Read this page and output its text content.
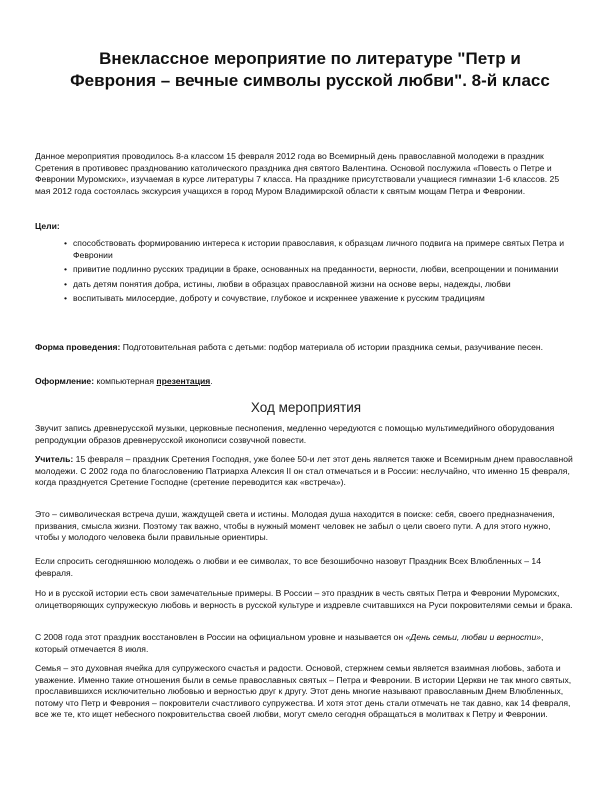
Внеклассное мероприятие по литературе "Петр и Феврония – вечные символы русской любви". 8-й класс

Данное мероприятия проводилось 8-а классом 15 февраля 2012 года во Всемирный день православной молодежи в праздник Сретения в противовес празднованию католического праздника дня святого Валентина. Основой послужила «Повесть о Петре и Февронии Муромских», изучаемая в курсе литературы 7 класса. На празднике присутствовали учащиеся гимназии 1-6 классов. 25 мая 2012 года состоялась экскурсия учащихся в город Муром Владимирской области к святым мощам Петра и Февронии.

Цели:

• способствовать формированию интереса к истории православия, к образцам личного подвига на примере святых Петра и Февронии
• привитие подлинно русских традиции в браке, основанных на преданности, верности, любви, всепрощении и понимании
• дать детям понятия добра, истины, любви в образцах православной жизни на основе веры, надежды, любви
• воспитывать милосердие, доброту и сочувствие, глубокое и искреннее уважение к русским традициям

Форма проведения: Подготовительная работа с детьми: подбор материала об истории праздника семьи, разучивание песен.

Оформление: компьютерная презентация.

Ход мероприятия

Звучит запись древнерусской музыки, церковные песнопения, медленно чередуются с помощью мультимедийного оборудования репродукции образов древнерусской иконописи созвучной повести.

Учитель: 15 февраля – праздник Сретения Господня, уже более 50-и лет этот день является также и Всемирным днем православной молодежи. С 2002 года по благословению Патриарха Алексия II он стал отмечаться и в России: неслучайно, что именно 15 февраля, когда празднуется Сретение Господне (сретение переводится как «встреча»).

Это – символическая встреча души, жаждущей света и истины. Молодая душа находится в поиске: себя, своего предназначения, призвания, смысла жизни. Поэтому так важно, чтобы в нужный момент человек не забыл о цели своего пути. А для этого нужно, чтобы у молодого человека были правильные ориентиры.

Если спросить сегодняшнюю молодежь о любви и ее символах, то все безошибочно назовут Праздник Всех Влюбленных – 14 февраля.

Но и в русской истории есть свои замечательные примеры. В России – это праздник в честь святых Петра и Февронии Муромских, олицетворяющих супружескую любовь и верность в русской культуре и издревле считавшихся на Руси покровителями семьи и брака.

С 2008 года этот праздник восстановлен в России на официальном уровне и называется он «День семьи, любви и верности», который отмечается 8 июля.

Семья – это духовная ячейка для супружеского счастья и радости. Основой, стержнем семьи является взаимная любовь, забота и уважение. Именно такие отношения были в семье православных святых – Петра и Февронии. В истории Церкви не так много святых, прославившихся исключительно любовью и верностью друг к другу. Этот день многие называют православным Днем Влюбленных, потому что Петр и Феврония – покровители счастливого супружества. И хотя этот день стали отмечать не так давно, как 14 февраля, все же те, кто ищет небесного покровительства своей любви, могут смело сегодня обращаться в молитвах к Петру и Февронии.
